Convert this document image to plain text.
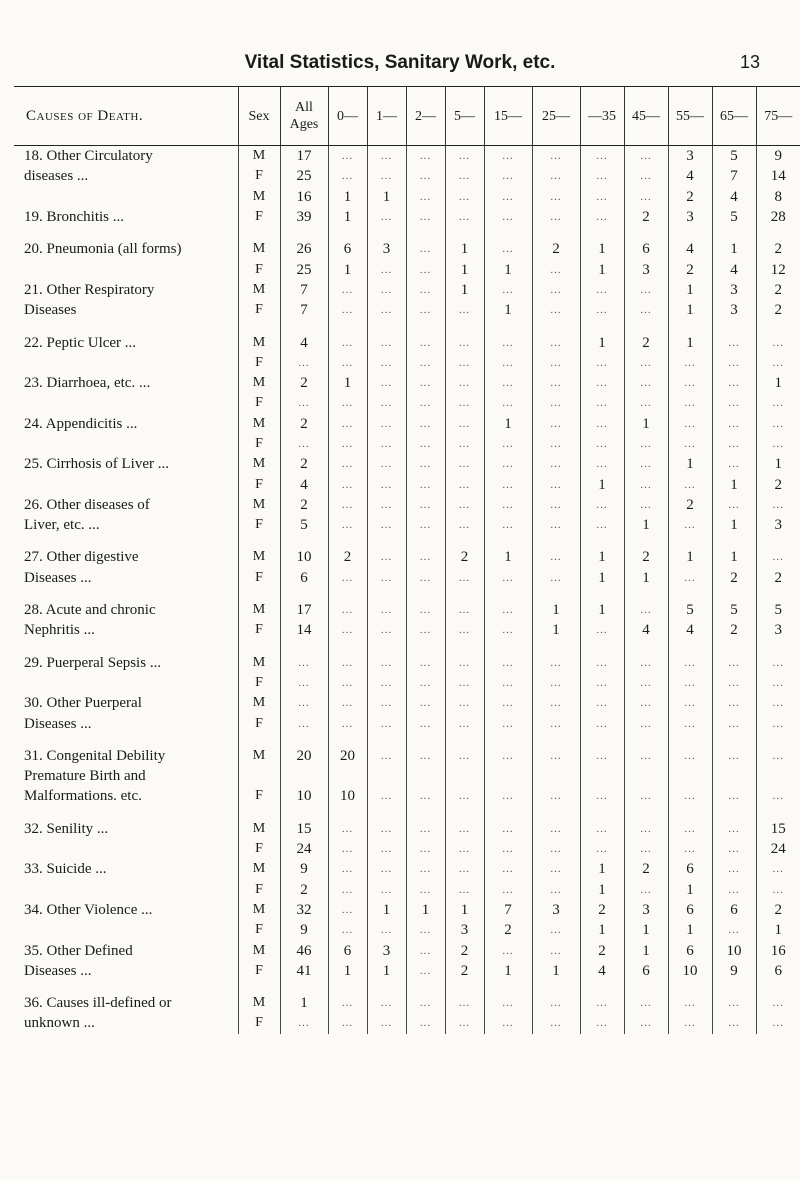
Vital Statistics, Sanitary Work, etc.	13
Causes of Death.	Sex	All Ages	0—	1—	2—	5—	15—	25—	—35	45—	55—	65—	75—
18. Other Circulatory	M	17	...	...	...	...	...	...	...	...	3	5	9
diseases ...	F	25	...	...	...	...	...	...	...	...	4	7	14
	M	16	1	1	...	...	...	...	...	...	2	4	8
19. Bronchitis ...	F	39	1	...	...	...	...	...	...	2	3	5	28

20. Pneumonia (all forms)	M	26	6	3	...	1	...	2	1	6	4	1	2
	F	25	1	...	...	1	1	...	1	3	2	4	12
21. Other Respiratory	M	7	...	...	...	1	...	...	...	...	1	3	2
Diseases	F	7	...	...	...	...	1	...	...	...	1	3	2

22. Peptic Ulcer ...	M	4	...	...	...	...	...	...	1	2	1	...	...
	F	...	...	...	...	...	...	...	...	...	...	...	...
23. Diarrhoea, etc. ...	M	2	1	...	...	...	...	...	...	...	...	...	1
	F	...	...	...	...	...	...	...	...	...	...	...	...
24. Appendicitis ...	M	2	...	...	...	...	1	...	...	1	...	...	...
	F	...	...	...	...	...	...	...	...	...	...	...	...
25. Cirrhosis of Liver ...	M	2	...	...	...	...	...	...	...	...	1	...	1
	F	4	...	...	...	...	...	...	1	...	...	1	2
26. Other diseases of	M	2	...	...	...	...	...	...	...	...	2	...	...
Liver, etc. ...	F	5	...	...	...	...	...	...	...	1	...	1	3

27. Other digestive	M	10	2	...	...	2	1	...	1	2	1	1	...
Diseases ...	F	6	...	...	...	...	...	...	1	1	...	2	2

28. Acute and chronic	M	17	...	...	...	...	...	1	1	...	5	5	5
Nephritis ...	F	14	...	...	...	...	...	1	...	4	4	2	3

29. Puerperal Sepsis ...	M	...	...	...	...	...	...	...	...	...	...	...	...
	F	...	...	...	...	...	...	...	...	...	...	...	...
30. Other Puerperal	M	...	...	...	...	...	...	...	...	...	...	...	...
Diseases ...	F	...	...	...	...	...	...	...	...	...	...	...	...

31. Congenital Debility	M	20	20	...	...	...	...	...	...	...	...	...	...
Premature Birth and													
Malformations. etc.	F	10	10	...	...	...	...	...	...	...	...	...	...

32. Senility ...	M	15	...	...	...	...	...	...	...	...	...	...	15
	F	24	...	...	...	...	...	...	...	...	...	...	24
33. Suicide ...	M	9	...	...	...	...	...	...	1	2	6	...	...
	F	2	...	...	...	...	...	...	1	...	1	...	...
34. Other Violence ...	M	32	...	1	1	1	7	3	2	3	6	6	2
	F	9	...	...	...	3	2	...	1	1	1	...	1
35. Other Defined	M	46	6	3	...	2	...	...	2	1	6	10	16
Diseases ...	F	41	1	1	...	2	1	1	4	6	10	9	6

36. Causes ill-defined or	M	1	...	...	...	...	...	...	...	...	...	...	...
unknown ...	F	...	...	...	...	...	...	...	...	...	...	...	...
